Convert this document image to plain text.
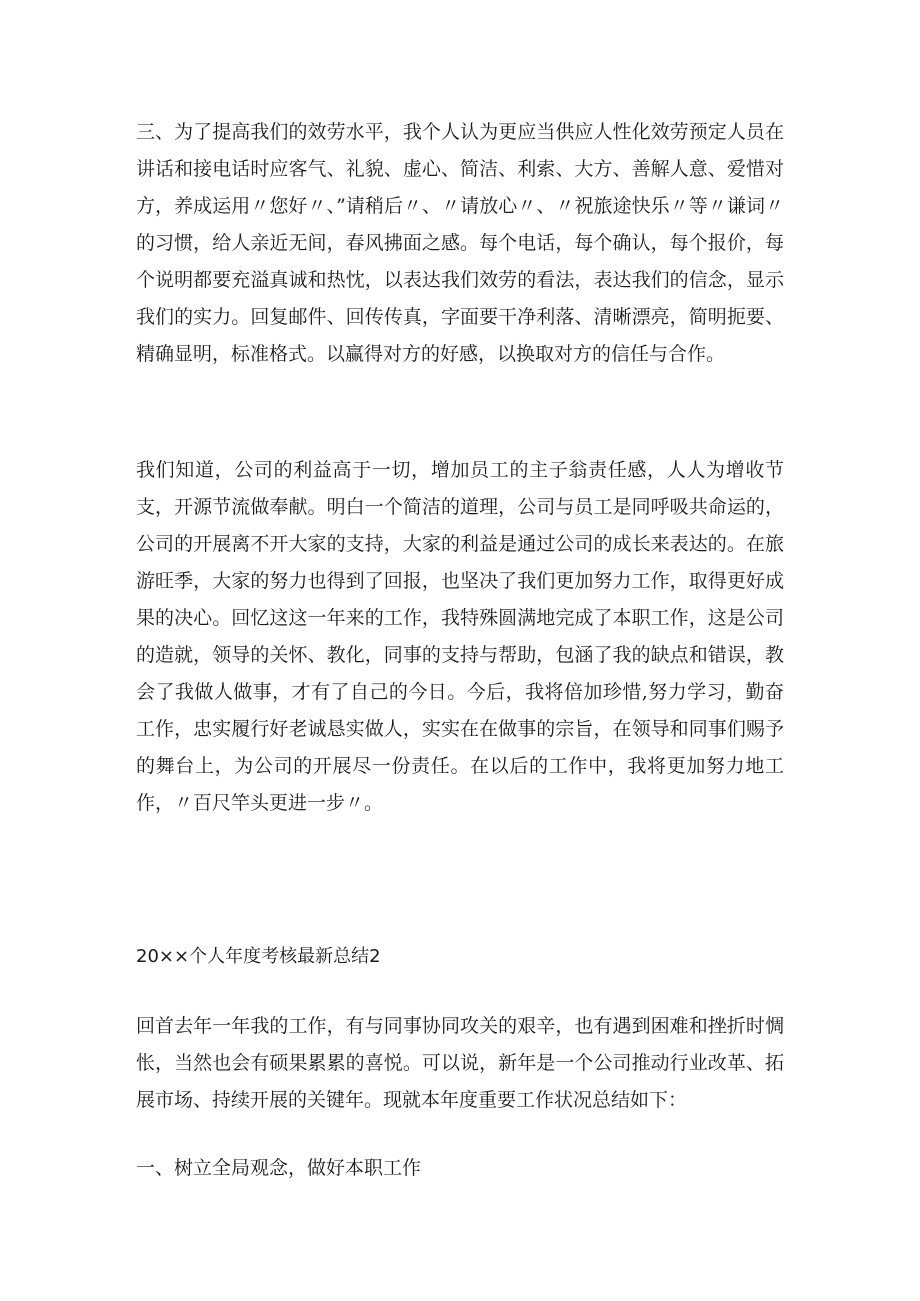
三、为了提高我们的效劳水平，我个人认为更应当供应人性化效劳预定人员在讲话和接电话时应客气、礼貌、虚心、简洁、利索、大方、善解人意、爱惜对方，养成运用〃您好〃、”请稍后〃、〃请放心〃、〃祝旅途快乐〃等〃谦词〃的习惯，给人亲近无间，春风拂面之感。每个电话，每个确认，每个报价，每个说明都要充溢真诚和热忱，以表达我们效劳的看法，表达我们的信念，显示我们的实力。回复邮件、回传传真，字面要干净利落、清晰漂亮，简明扼要、精确显明，标准格式。以赢得对方的好感，以换取对方的信任与合作。

我们知道，公司的利益高于一切，增加员工的主子翁责任感，人人为增收节支，开源节流做奉献。明白一个简洁的道理，公司与员工是同呼吸共命运的，公司的开展离不开大家的支持，大家的利益是通过公司的成长来表达的。在旅游旺季，大家的努力也得到了回报，也坚决了我们更加努力工作，取得更好成果的决心。回忆这这一年来的工作，我特殊圆满地完成了本职工作，这是公司的造就，领导的关怀、教化，同事的支持与帮助，包涵了我的缺点和错误，教会了我做人做事，才有了自己的今日。今后，我将倍加珍惜,努力学习，勤奋工作，忠实履行好老诚恳实做人，实实在在做事的宗旨，在领导和同事们赐予的舞台上，为公司的开展尽一份责任。在以后的工作中，我将更加努力地工作，〃百尺竿头更进一步〃。

20××个人年度考核最新总结2

回首去年一年我的工作，有与同事协同攻关的艰辛，也有遇到困难和挫折时惆怅，当然也会有硕果累累的喜悦。可以说，新年是一个公司推动行业改革、拓展市场、持续开展的关键年。现就本年度重要工作状况总结如下：

一、树立全局观念，做好本职工作
